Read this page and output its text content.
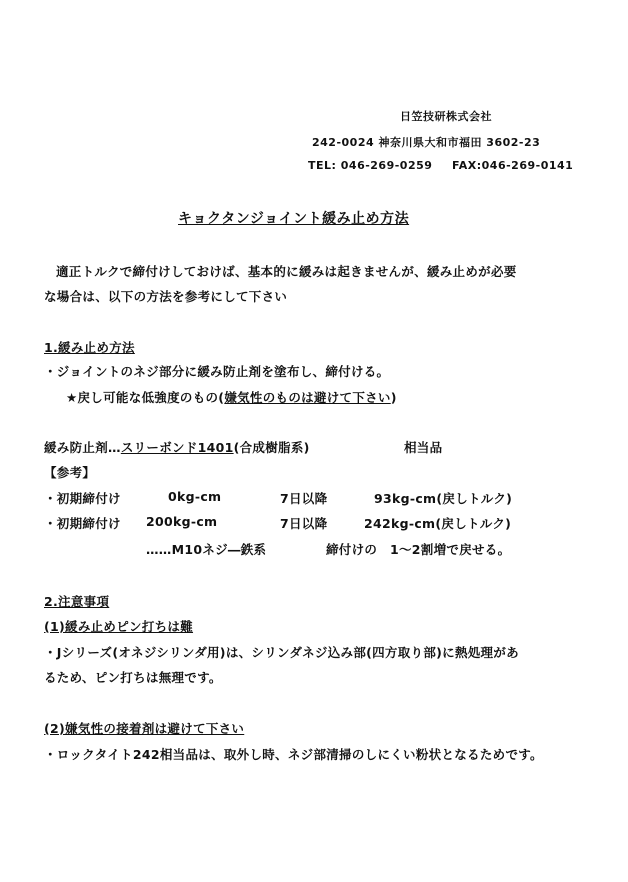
日笠技研株式会社
242-0024 神奈川県大和市福田 3602-23
TEL: 046-269-0259 FAX:046-269-0141
キョクタンジョイント緩み止め方法
適正トルクで締付けしておけば、基本的に緩みは起きませんが、緩み止めが必要
な場合は、以下の方法を参考にして下さい
1.緩み止め方法
・ジョイントのネジ部分に緩み防止剤を塗布し、締付ける。
★戻し可能な低強度のもの(嫌気性のものは避けて下さい)
緩み防止剤…スリーボンド1401(合成樹脂系)	相当品
【参考】
・初期締付け	0kg-cm	7日以降	93kg-cm(戻しトルク)
・初期締付け 200kg-cm	7日以降	242kg-cm(戻しトルク)
……M10ネジ―鉄系	締付けの　1～2割増で戻せる。
2.注意事項
(1)緩み止めピン打ちは難
・Jシリーズ(オネジシリンダ用)は、シリンダネジ込み部(四方取り部)に熱処理があ
るため、ピン打ちは無理です。
(2)嫌気性の接着剤は避けて下さい
・ロックタイト242相当品は、取外し時、ネジ部清掃のしにくい粉状となるためです。
